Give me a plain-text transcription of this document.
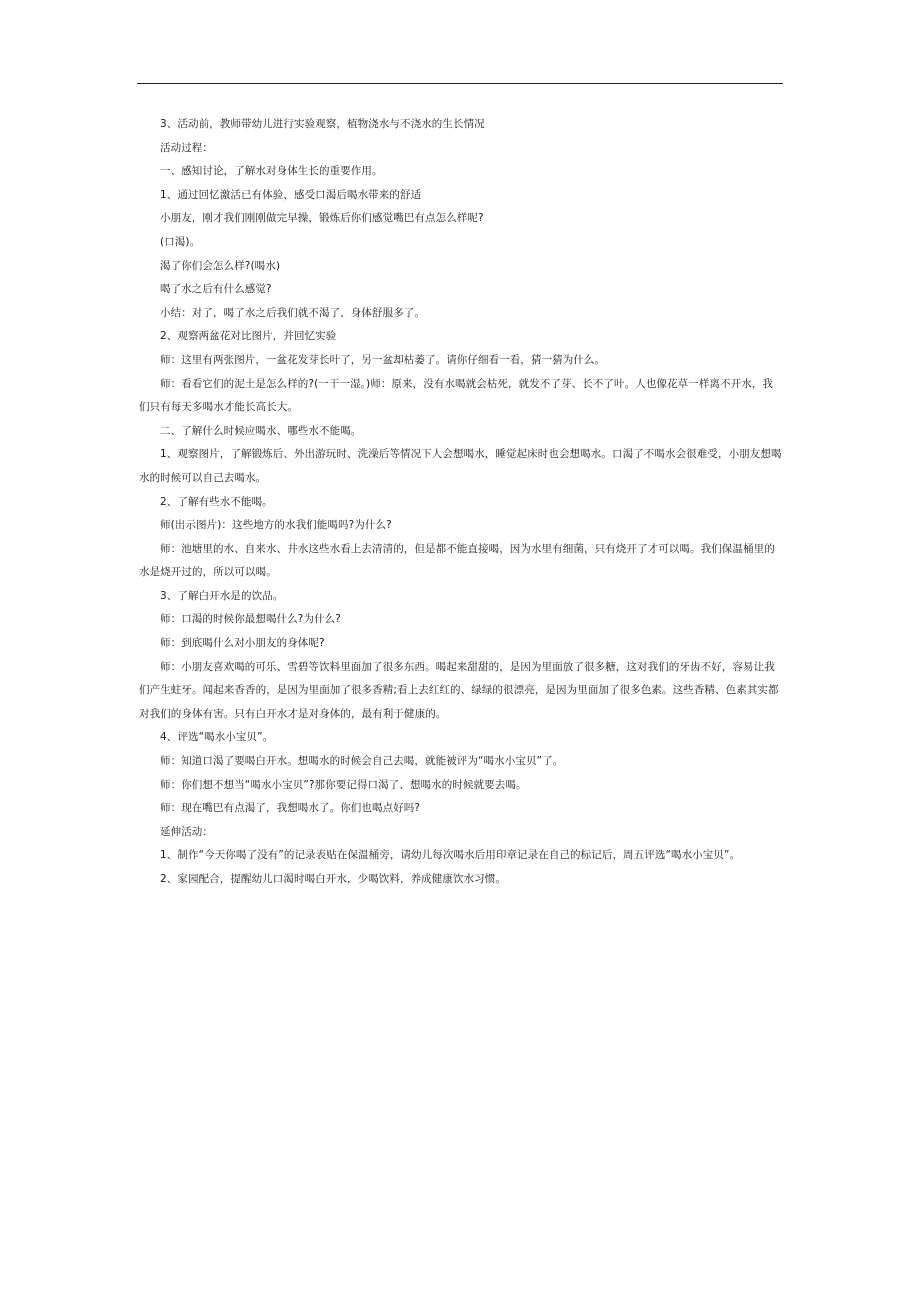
3、活动前，教师带幼儿进行实验观察，植物浇水与不浇水的生长情况

活动过程：

一、感知讨论，了解水对身体生长的重要作用。

1、通过回忆激活已有体验，感受口渴后喝水带来的舒适

小朋友，刚才我们刚刚做完早操，锻炼后你们感觉嘴巴有点怎么样呢?

(口渴)。

渴了你们会怎么样?(喝水)

喝了水之后有什么感觉?

小结：对了，喝了水之后我们就不渴了，身体舒服多了。

2、观察两盆花对比图片，并回忆实验

师：这里有两张图片，一盆花发芽长叶了，另一盆却枯萎了。请你仔细看一看，猜一猜为什么。

师：看看它们的泥土是怎么样的?(一干一湿。)师：原来，没有水喝就会枯死，就发不了芽、长不了叶。人也像花草一样离不开水，我们只有每天多喝水才能长高长大。

二、了解什么时候应喝水、哪些水不能喝。

1、观察图片，了解锻炼后、外出游玩时、洗澡后等情况下人会想喝水，睡觉起床时也会想喝水。口渴了不喝水会很难受，小朋友想喝水的时候可以自己去喝水。

2、了解有些水不能喝。

师(出示图片)：这些地方的水我们能喝吗?为什么?

师：池塘里的水、自来水、井水这些水看上去清清的，但是都不能直接喝，因为水里有细菌，只有烧开了才可以喝。我们保温桶里的水是烧开过的，所以可以喝。

3、了解白开水是的饮品。

师：口渴的时候你最想喝什么?为什么?

师：到底喝什么对小朋友的身体呢?

师：小朋友喜欢喝的可乐、雪碧等饮料里面加了很多东西。喝起来甜甜的，是因为里面放了很多糖，这对我们的牙齿不好，容易让我们产生蛀牙。闻起来香香的，是因为里面加了很多香精;看上去红红的、绿绿的很漂亮，是因为里面加了很多色素。这些香精、色素其实都对我们的身体有害。只有白开水才是对身体的，最有利于健康的。

4、评选“喝水小宝贝”。

师：知道口渴了要喝白开水。想喝水的时候会自己去喝，就能被评为“喝水小宝贝”了。

师：你们想不想当“喝水小宝贝”?那你要记得口渴了、想喝水的时候就要去喝。

师：现在嘴巴有点渴了，我想喝水了。你们也喝点好吗?

延伸活动：

1、制作“今天你喝了没有”的记录表贴在保温桶旁，请幼儿每次喝水后用印章记录在自己的标记后，周五评选“喝水小宝贝”。

2、家园配合，提醒幼儿口渴时喝白开水，少喝饮料，养成健康饮水习惯。
